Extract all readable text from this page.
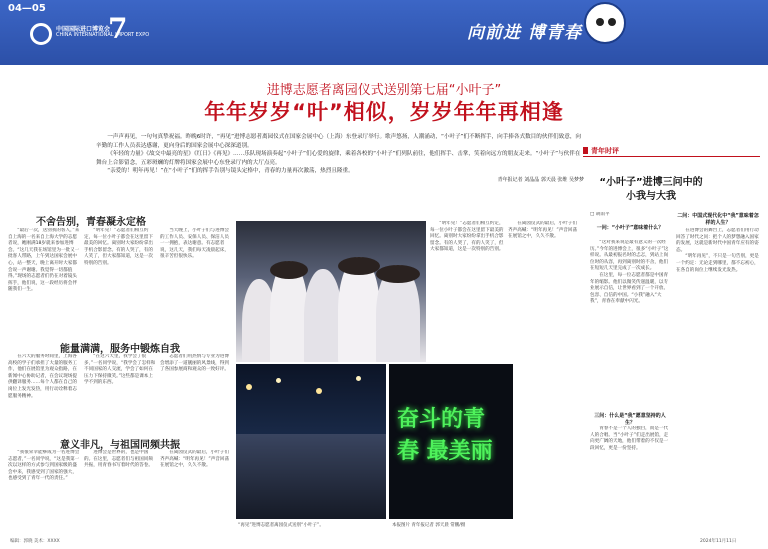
04—05
中国国际进口博览会
CHINA INTERNATIONAL IMPORT EXPO
7	向前进 博青春
进博志愿者离园仪式送别第七届“小叶子”
年年岁岁“叶”相似，岁岁年年再相逢

一声声再见，一句句真挚祝福。昨晚6时许，“再见”进博志愿者离园仪式在国家会展中心（上海）东登录厅举行。歌声悠扬，人潮涌动，“小叶子”们不断挥手，向手捧各式数目的伙伴们致意，向辛勤的工作人员表达感谢，更向身后的国家会展中心深深道别。

《年轻的力量》《故交中最亮的星》《红日》《再见》……乐队现场演奏起“小叶子”们心爱的旋律，乘着各校的“小叶子”们列队前往，他们挥手、击掌，笑着向远方的朋友走来。“小叶子”与伙伴在舞台上合影留念，五彩斑斓的灯牌将国家会展中心东登录厅内的大厅点亮。

“亲爱的！明年再见！”在“小叶子”们的挥手告别与镜头定格中，青春的力量再次激荡，热烈且隆重。

青年报记者 刘晶晶 郭天晨 张维 吴梦梦
不舍告别，青春凝永定格

“最后一次，送别我的客人，”来自上海的一名来自上海大学的志愿者说，她刚满18岁就来参加进博会。“这几天我在场馆里为一批又一批客人带路，上午到达国家会展中心，站一整天，晚上离开时大家都会说一声谢谢。我觉得一切都值得。”现场的志愿者们仍在对着镜头挥手，他们说，这一段经历将会伴随我们一生。

“明年见！”志愿者们相互约定，每一位小叶子都会在这里留下最美的回忆。离别时大家纷纷拿出手机合影留念。有的人哭了，有的人笑了，但大家都知道，这是一次特别的告别。

当天晚上，小叶子们与进博会的工作人员、安保人员、保洁人员一一拥抱，表达谢意。有志愿者说，这几天，我们每天凌晨起床，很辛苦但很快乐。

能量满满，服务中锻炼自我

在六天的服务时间里，上海各高校的学子们承担了大量的服务工作，他们在展馆里为观众指路，在新闻中心协助记者，在会议现场提供翻译服务……每个人都在自己的岗位上发光发热，用行动诠释着志愿服务精神。

“在这六天里，我学会了很多，”一名同学说，“我学会了怎样和不同国家的人交流，学会了如何在压力下保持微笑。”这些都是课本上学不到的东西。

志愿者们用热情与专业为进博会增添了一道靓丽的风景线，得到了各国参展商和观众的一致好评。

意义非凡，与祖国同频共振

“我很荣幸能够成为一名进博会志愿者，”一名同学说，“这是我第一次以这样的方式参与到国家级的盛会中来，我感受到了国家的强大，也感受到了青年一代的责任。”

进博会是世界的，也是中国的。在这里，志愿者们与祖国同频共振，用青春书写着时代的答卷。

在离园仪式的最后，小叶子们齐声高喊：“明年再见！”声音回荡在展馆之中，久久不散。

“再见”进博志愿者离园仪式送别“小叶子”。
奋斗的青春 最美丽
本报图片 青年报记者 郭天晨 常鹏/摄

“明年见！”志愿者们相互约定，每一位小叶子都会在这里留下最美的回忆。离别时大家纷纷拿出手机合影留念。有的人哭了，有的人笑了，但大家都知道，这是一次特别的告别。

在离园仪式的最后，小叶子们齐声高喊：“明年再见！”声音回荡在展馆之中，久久不散。

青年时评
“小叶子”进博三问中的小我与大我
□ 胡雨平
一问：“小叶子”意味着什么？

“这对我来说是最有意义的一次经历。”今年的进博会上，很多“小叶子”这样说。从最初报名时的忐忑，到站上岗位时的从容，再到离别时的不舍，他们在短短几天里完成了一次成长。

在这里，每一位志愿者都是中国青年的缩影。他们以微笑传递温暖，以专业展示自信，让世界看到了一个开放、包容、自信的中国。“小我”融入“大我”，青春在奉献中闪光。

三问：什么是“我”愿意坚持的人生？

青春不是一个人的独白，而是一代人的合唱。当“小叶子”们走出展馆，走向更广阔的天地，他们带着的不仅是一段回忆，更是一份坚持。

二问：中国式现代化中“我”意味着怎样的人生？

在进博会的舞台上，志愿者们用行动回答了时代之问：把个人的梦想融入国家的发展，这就是新时代中国青年应有的姿态。

“明年再见”，不只是一句告别，更是一个约定：无论走到哪里，都不忘初心，在各自的岗位上继续发光发热。

编辑：郭晓 美术：XXXX	2024年11月11日
